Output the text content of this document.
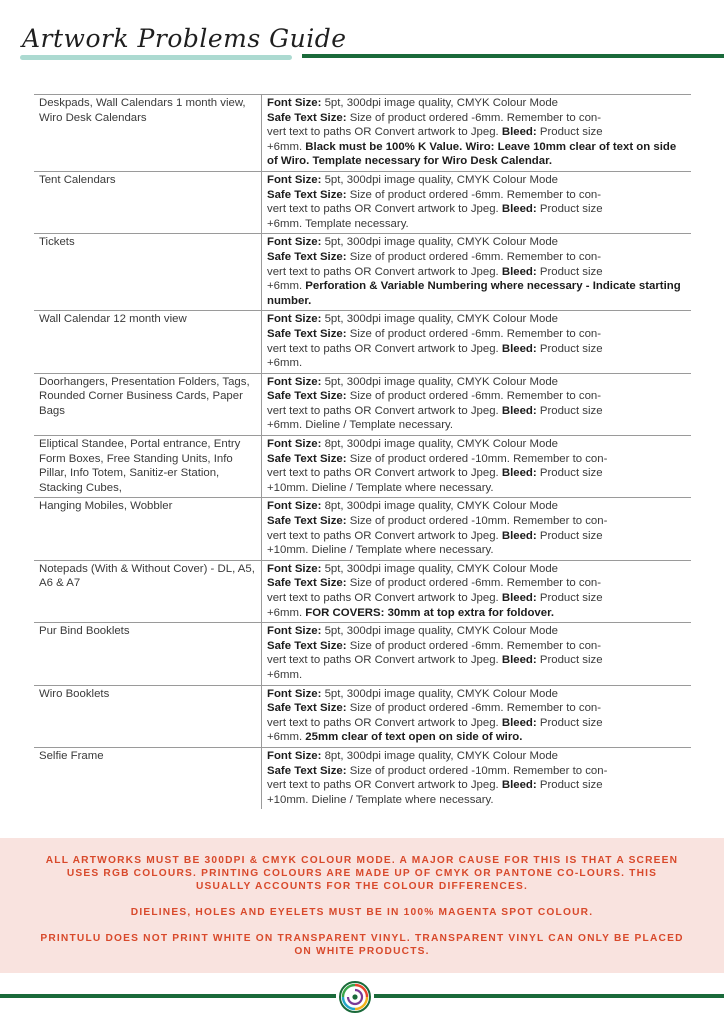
Artwork Problems Guide
Deskpads, Wall Calendars 1 month view, Wiro Desk Calendars	Font Size: 5pt, 300dpi image quality, CMYK Colour Mode
Safe Text Size: Size of product ordered -6mm. Remember to con-
vert text to paths OR Convert artwork to Jpeg. Bleed: Product size
+6mm. Black must be 100% K Value. Wiro: Leave 10mm clear of text on side of Wiro. Template necessary for Wiro Desk Calendar.
Tent Calendars	Font Size: 5pt, 300dpi image quality, CMYK Colour Mode
Safe Text Size: Size of product ordered -6mm. Remember to con-
vert text to paths OR Convert artwork to Jpeg. Bleed: Product size
+6mm. Template necessary.
Tickets	Font Size: 5pt, 300dpi image quality, CMYK Colour Mode
Safe Text Size: Size of product ordered -6mm. Remember to con-
vert text to paths OR Convert artwork to Jpeg. Bleed: Product size
+6mm. Perforation & Variable Numbering where necessary - Indicate starting number.
Wall Calendar 12 month view	Font Size: 5pt, 300dpi image quality, CMYK Colour Mode
Safe Text Size: Size of product ordered -6mm. Remember to con-
vert text to paths OR Convert artwork to Jpeg. Bleed: Product size
+6mm.
Doorhangers, Presentation Folders, Tags, Rounded Corner Business Cards, Paper Bags	Font Size: 5pt, 300dpi image quality, CMYK Colour Mode
Safe Text Size: Size of product ordered -6mm. Remember to con-
vert text to paths OR Convert artwork to Jpeg. Bleed: Product size
+6mm. Dieline / Template necessary.
Eliptical Standee, Portal entrance, Entry Form Boxes, Free Standing Units, Info Pillar, Info Totem, Sanitiz-er Station, Stacking Cubes,	Font Size: 8pt, 300dpi image quality, CMYK Colour Mode
Safe Text Size: Size of product ordered -10mm. Remember to con-
vert text to paths OR Convert artwork to Jpeg. Bleed: Product size
+10mm. Dieline / Template where necessary.
Hanging Mobiles, Wobbler	Font Size: 8pt, 300dpi image quality, CMYK Colour Mode
Safe Text Size: Size of product ordered -10mm. Remember to con-
vert text to paths OR Convert artwork to Jpeg. Bleed: Product size
+10mm. Dieline / Template where necessary.
Notepads (With & Without Cover) - DL, A5, A6 & A7	Font Size: 5pt, 300dpi image quality, CMYK Colour Mode
Safe Text Size: Size of product ordered -6mm. Remember to con-
vert text to paths OR Convert artwork to Jpeg. Bleed: Product size
+6mm. FOR COVERS: 30mm at top extra for foldover.
Pur Bind Booklets	Font Size: 5pt, 300dpi image quality, CMYK Colour Mode
Safe Text Size: Size of product ordered -6mm. Remember to con-
vert text to paths OR Convert artwork to Jpeg. Bleed: Product size
+6mm.
Wiro Booklets	Font Size: 5pt, 300dpi image quality, CMYK Colour Mode
Safe Text Size: Size of product ordered -6mm. Remember to con-
vert text to paths OR Convert artwork to Jpeg. Bleed: Product size
+6mm. 25mm clear of text open on side of wiro.
Selfie Frame	Font Size: 8pt, 300dpi image quality, CMYK Colour Mode
Safe Text Size: Size of product ordered -10mm. Remember to con-
vert text to paths OR Convert artwork to Jpeg. Bleed: Product size
+10mm. Dieline / Template where necessary.

ALL ARTWORKS MUST BE 300DPI & CMYK COLOUR MODE. A MAJOR CAUSE FOR THIS IS THAT A SCREEN USES RGB COLOURS. PRINTING COLOURS ARE MADE UP OF CMYK OR PANTONE CO-LOURS. THIS USUALLY ACCOUNTS FOR THE COLOUR DIFFERENCES.

DIELINES, HOLES AND EYELETS MUST BE IN 100% MAGENTA SPOT COLOUR.

PRINTULU DOES NOT PRINT WHITE ON TRANSPARENT VINYL. TRANSPARENT VINYL CAN ONLY BE PLACED ON WHITE PRODUCTS.
